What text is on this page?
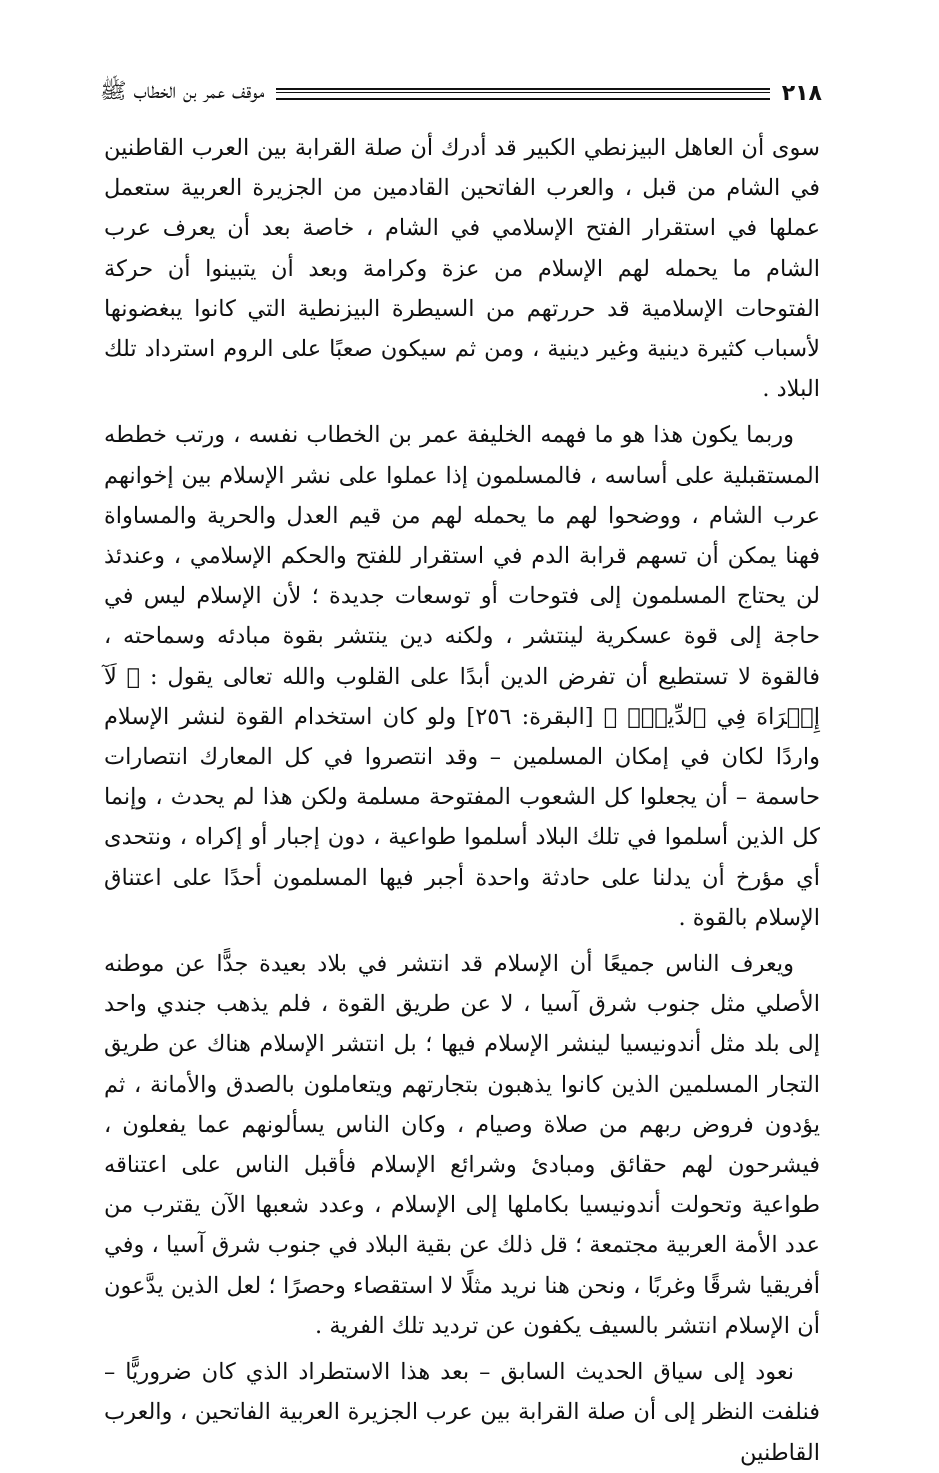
٢١٨
موقف عمر بن الخطاب ﷺ

سوى أن العاهل البيزنطي الكبير قد أدرك أن صلة القرابة بين العرب القاطنين في الشام من قبل ، والعرب الفاتحين القادمين من الجزيرة العربية ستعمل عملها في استقرار الفتح الإسلامي في الشام ، خاصة بعد أن يعرف عرب الشام ما يحمله لهم الإسلام من عزة وكرامة وبعد أن يتبينوا أن حركة الفتوحات الإسلامية قد حررتهم من السيطرة البيزنطية التي كانوا يبغضونها لأسباب كثيرة دينية وغير دينية ، ومن ثم سيكون صعبًا على الروم استرداد تلك البلاد .

وربما يكون هذا هو ما فهمه الخليفة عمر بن الخطاب نفسه ، ورتب خططه المستقبلية على أساسه ، فالمسلمون إذا عملوا على نشر الإسلام بين إخوانهم عرب الشام ، ووضحوا لهم ما يحمله لهم من قيم العدل والحرية والمساواة فهنا يمكن أن تسهم قرابة الدم في استقرار للفتح والحكم الإسلامي ، وعندئذ لن يحتاج المسلمون إلى فتوحات أو توسعات جديدة ؛ لأن الإسلام ليس في حاجة إلى قوة عسكرية لينتشر ، ولكنه دين ينتشر بقوة مبادئه وسماحته ، فالقوة لا تستطيع أن تفرض الدين أبدًا على القلوب والله تعالى يقول : ﴿ لَآ إِكۡرَاهَ فِي ٱلدِّينِۖ ﴾ [البقرة: ٢٥٦] ولو كان استخدام القوة لنشر الإسلام واردًا لكان في إمكان المسلمين – وقد انتصروا في كل المعارك انتصارات حاسمة – أن يجعلوا كل الشعوب المفتوحة مسلمة ولكن هذا لم يحدث ، وإنما كل الذين أسلموا في تلك البلاد أسلموا طواعية ، دون إجبار أو إكراه ، ونتحدى أي مؤرخ أن يدلنا على حادثة واحدة أجبر فيها المسلمون أحدًا على اعتناق الإسلام بالقوة .

ويعرف الناس جميعًا أن الإسلام قد انتشر في بلاد بعيدة جدًّا عن موطنه الأصلي مثل جنوب شرق آسيا ، لا عن طريق القوة ، فلم يذهب جندي واحد إلى بلد مثل أندونيسيا لينشر الإسلام فيها ؛ بل انتشر الإسلام هناك عن طريق التجار المسلمين الذين كانوا يذهبون بتجارتهم ويتعاملون بالصدق والأمانة ، ثم يؤدون فروض ربهم من صلاة وصيام ، وكان الناس يسألونهم عما يفعلون ، فيشرحون لهم حقائق ومبادئ وشرائع الإسلام فأقبل الناس على اعتناقه طواعية وتحولت أندونيسيا بكاملها إلى الإسلام ، وعدد شعبها الآن يقترب من عدد الأمة العربية مجتمعة ؛ قل ذلك عن بقية البلاد في جنوب شرق آسيا ، وفي أفريقيا شرقًا وغربًا ، ونحن هنا نريد مثلًا لا استقصاء وحصرًا ؛ لعل الذين يدَّعون أن الإسلام انتشر بالسيف يكفون عن ترديد تلك الفرية .

نعود إلى سياق الحديث السابق – بعد هذا الاستطراد الذي كان ضروريًّا – فنلفت النظر إلى أن صلة القرابة بين عرب الجزيرة العربية الفاتحين ، والعرب القاطنين
